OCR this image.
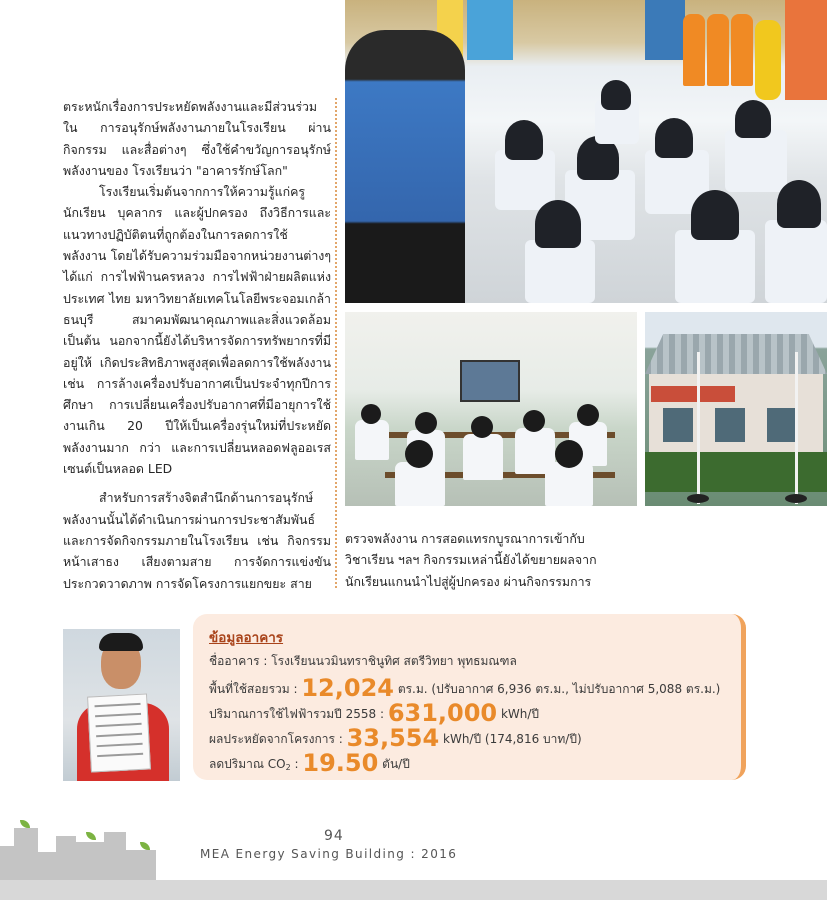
ตระหนักเรื่องการประหยัดพลังงานและมีส่วนร่วมใน การอนุรักษ์พลังงานภายในโรงเรียน ผ่านกิจกรรม และสื่อต่างๆ ซึ่งใช้คำขวัญการอนุรักษ์พลังงานของ โรงเรียนว่า "อาคารรักษ์โลก"

โรงเรียนเริ่มต้นจากการให้ความรู้แก่ครู นักเรียน บุคลากร และผู้ปกครอง ถึงวิธีการและ แนวทางปฏิบัติตนที่ถูกต้องในการลดการใช้พลังงาน โดยได้รับความร่วมมือจากหน่วยงานต่างๆ ได้แก่ การไฟฟ้านครหลวง การไฟฟ้าฝ่ายผลิตแห่งประเทศ ไทย มหาวิทยาลัยเทคโนโลยีพระจอมเกล้าธนบุรี สมาคมพัฒนาคุณภาพและสิ่งแวดล้อม เป็นต้น นอกจากนี้ยังได้บริหารจัดการทรัพยากรที่มีอยู่ให้ เกิดประสิทธิภาพสูงสุดเพื่อลดการใช้พลังงาน เช่น การล้างเครื่องปรับอากาศเป็นประจำทุกปีการศึกษา การเปลี่ยนเครื่องปรับอากาศที่มีอายุการใช้งานเกิน 20 ปีให้เป็นเครื่องรุ่นใหม่ที่ประหยัดพลังงานมาก กว่า และการเปลี่ยนหลอดฟลูออเรสเซนต์เป็นหลอด LED

สำหรับการสร้างจิตสำนึกด้านการอนุรักษ์ พลังงานนั้นได้ดำเนินการผ่านการประชาสัมพันธ์ และการจัดกิจกรรมภายในโรงเรียน เช่น กิจกรรม หน้าเสาธง เสียงตามสาย การจัดการแข่งขัน ประกวดวาดภาพ การจัดโครงการแยกขยะ สาย

ตรวจพลังงาน การสอดแทรกบูรณาการเข้ากับ วิชาเรียน ฯลฯ กิจกรรมเหล่านี้ยังได้ขยายผลจาก นักเรียนแกนนำไปสู่ผู้ปกครอง ผ่านกิจกรรมการ

ข้อมูลอาคาร
ชื่ออาคาร : โรงเรียนนวมินทราชินูทิศ สตรีวิทยา พุทธมณฑล
พื้นที่ใช้สอยรวม : 12,024 ตร.ม. (ปรับอากาศ 6,936 ตร.ม., ไม่ปรับอากาศ 5,088 ตร.ม.)
ปริมาณการใช้ไฟฟ้ารวมปี 2558 : 631,000 kWh/ปี
ผลประหยัดจากโครงการ : 33,554 kWh/ปี (174,816 บาท/ปี)
ลดปริมาณ $CO_2$ : 19.50 ตัน/ปี
94
MEA Energy Saving Building : 2016
